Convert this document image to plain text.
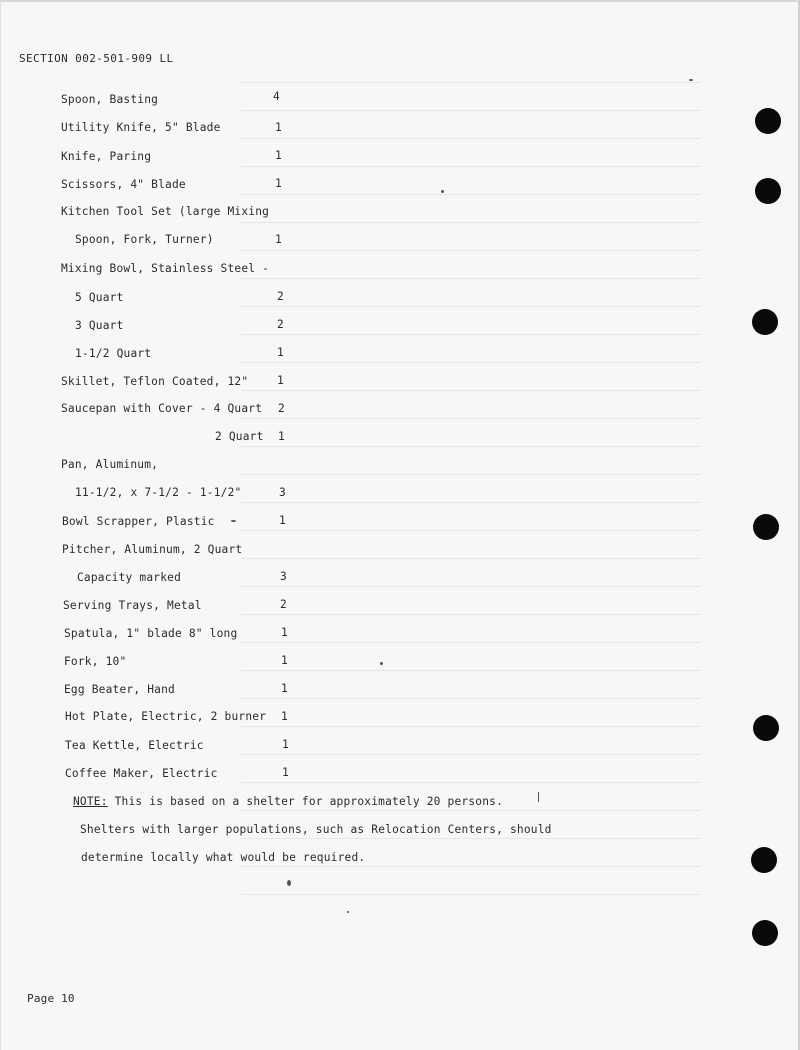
SECTION 002-501-909 LL
Spoon, Basting	4
Utility Knife, 5" Blade	1
Knife, Paring	1
Scissors, 4" Blade	1
Kitchen Tool Set (large Mixing
Spoon, Fork, Turner)	1
Mixing Bowl, Stainless Steel -
5 Quart	2
3 Quart	2
1-1/2 Quart	1
Skillet, Teflon Coated, 12"	1
Saucepan with Cover - 4 Quart 2
2 Quart 1
Pan, Aluminum,
11-1/2, x 7-1/2 - 1-1/2"	3
Bowl Scrapper, Plastic	1
Pitcher, Aluminum, 2 Quart
Capacity marked	3
Serving Trays, Metal	2
Spatula, 1" blade 8" long	1
Fork, 10"	1
Egg Beater, Hand	1
Hot Plate, Electric, 2 burner 1
Tea Kettle, Electric	1
Coffee Maker, Electric	1
NOTE: This is based on a shelter for approximately 20 persons.
Shelters with larger populations, such as Relocation Centers, should
determine locally what would be required.
Page 10
